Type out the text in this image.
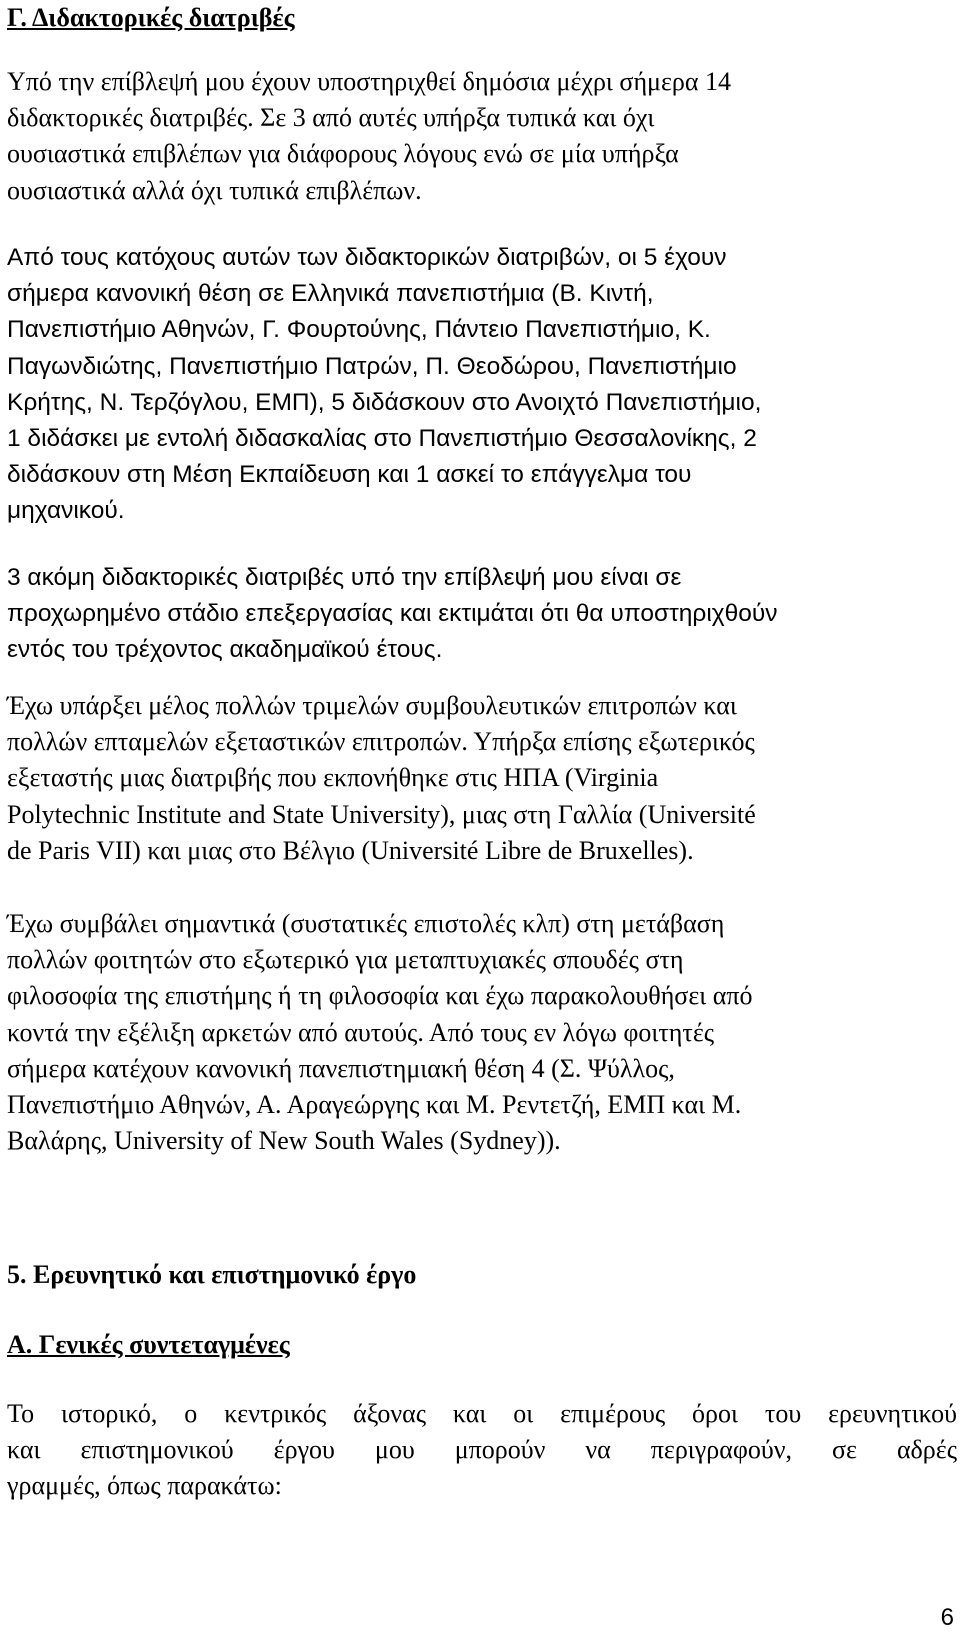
Γ. Διδακτορικές διατριβές
Υπό την επίβλεψή μου έχουν υποστηριχθεί δημόσια μέχρι σήμερα 14
διδακτορικές διατριβές. Σε 3 από αυτές υπήρξα τυπικά και όχι
ουσιαστικά επιβλέπων για διάφορους λόγους ενώ σε μία υπήρξα
ουσιαστικά αλλά όχι τυπικά επιβλέπων.
Από τους κατόχους αυτών των διδακτορικών διατριβών, οι 5 έχουν
σήμερα κανονική θέση σε Ελληνικά πανεπιστήμια (Β. Κιντή,
Πανεπιστήμιο Αθηνών, Γ. Φουρτούνης, Πάντειο Πανεπιστήμιο, Κ.
Παγωνδιώτης, Πανεπιστήμιο Πατρών, Π. Θεοδώρου, Πανεπιστήμιο
Κρήτης, Ν. Τερζόγλου, ΕΜΠ), 5 διδάσκουν στο Ανοιχτό Πανεπιστήμιο,
1 διδάσκει με εντολή διδασκαλίας στο Πανεπιστήμιο Θεσσαλονίκης, 2
διδάσκουν στη Μέση Εκπαίδευση και 1 ασκεί το επάγγελμα του
μηχανικού.
3 ακόμη διδακτορικές διατριβές υπό την επίβλεψή μου είναι σε
προχωρημένο στάδιο επεξεργασίας και εκτιμάται ότι θα υποστηριχθούν
εντός του τρέχοντος ακαδημαϊκού έτους.
Έχω υπάρξει μέλος πολλών τριμελών συμβουλευτικών επιτροπών και
πολλών επταμελών εξεταστικών επιτροπών. Υπήρξα επίσης εξωτερικός
εξεταστής μιας διατριβής που εκπονήθηκε στις ΗΠΑ (Virginia
Polytechnic Institute and State University), μιας στη Γαλλία (Université
de Paris VII) και μιας στο Βέλγιο (Université Libre de Bruxelles).
Έχω συμβάλει σημαντικά (συστατικές επιστολές κλπ) στη μετάβαση
πολλών φοιτητών στο εξωτερικό για μεταπτυχιακές σπουδές στη
φιλοσοφία της επιστήμης ή τη φιλοσοφία και έχω παρακολουθήσει από
κοντά την εξέλιξη αρκετών από αυτούς. Από τους εν λόγω φοιτητές
σήμερα κατέχουν κανονική πανεπιστημιακή θέση 4 (Σ. Ψύλλος,
Πανεπιστήμιο Αθηνών, Α. Αραγεώργης και Μ. Ρεντετζή, ΕΜΠ και Μ.
Βαλάρης, University of New South Wales (Sydney)).
5. Ερευνητικό και επιστημονικό έργο
Α. Γενικές συντεταγμένες
Το ιστορικό, ο κεντρικός άξονας και οι επιμέρους όροι του ερευνητικού
και επιστημονικού έργου μου μπορούν να περιγραφούν, σε αδρές
γραμμές, όπως παρακάτω:
6
